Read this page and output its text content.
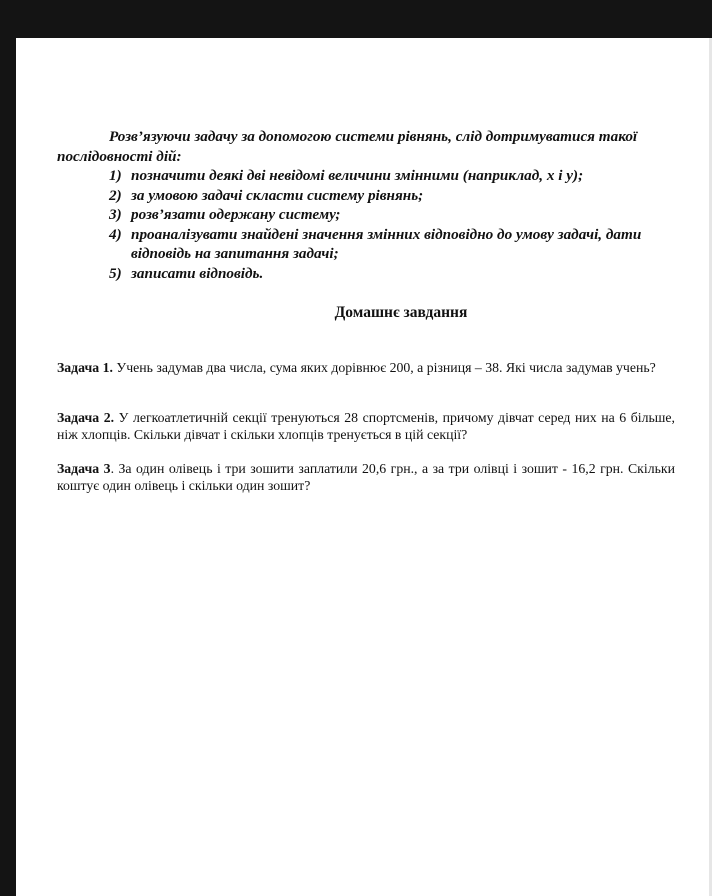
Розв’язуючи задачу за допомогою системи рівнянь, слід дотримуватися такої послідовності дій:

1) позначити деякі дві невідомі величини змінними (наприклад, x і y);
2) за умовою задачі скласти систему рівнянь;
3) розв’язати одержану систему;
4) проаналізувати знайдені значення змінних відповідно до умову задачі, дати відповідь на запитання задачі;
5) записати відповідь.
Домашнє завдання
Задача 1. Учень задумав два числа, сума яких дорівнює 200, а різниця – 38. Які числа задумав учень?
Задача 2. У легкоатлетичній секції тренуються 28 спортсменів, причому дівчат серед них на 6 більше, ніж хлопців. Скільки дівчат і скільки хлопців тренується в цій секції?
Задача 3. За один олівець і три зошити заплатили 20,6 грн., а за три олівці і зошит - 16,2 грн. Скільки коштує один олівець і скільки один зошит?
